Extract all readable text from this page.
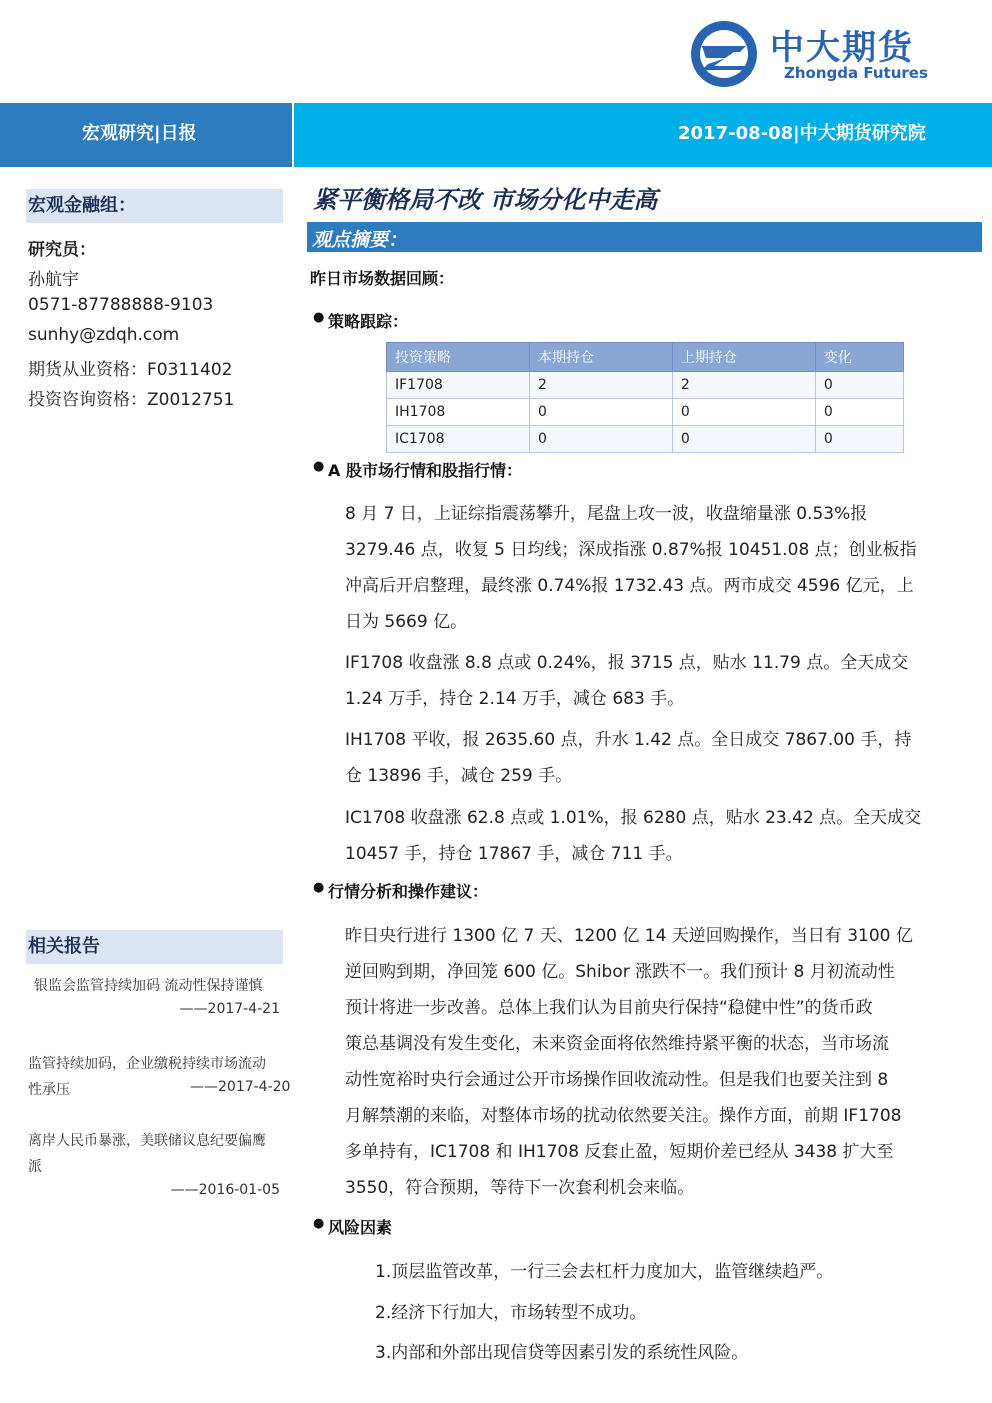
中大期货
Zhongda Futures
宏观研究|日报	2017-08-08|中大期货研究院
宏观金融组：
研究员：
孙航宇
0571-87788888-9103
sunhy@zdqh.com
期货从业资格：F0311402
投资咨询资格：Z0012751
相关报告
银监会监管持续加码 流动性保持谨慎
——2017-4-21
监管持续加码，企业缴税持续市场流动
性承压	——2017-4-20
离岸人民币暴涨，美联储议息纪要偏鹰
派
——2016-01-05
紧平衡格局不改 市场分化中走高
观点摘要：
昨日市场数据回顾：
● 策略跟踪：
投资策略	本期持仓	上期持仓	变化
IF1708	2	2	0
IH1708	0	0	0
IC1708	0	0	0
● A 股市场行情和股指行情：
8 月 7 日，上证综指震荡攀升，尾盘上攻一波，收盘缩量涨 0.53%报
3279.46 点，收复 5 日均线；深成指涨 0.87%报 10451.08 点；创业板指
冲高后开启整理，最终涨 0.74%报 1732.43 点。两市成交 4596 亿元，上
日为 5669 亿。
IF1708 收盘涨 8.8 点或 0.24%，报 3715 点，贴水 11.79 点。全天成交
1.24 万手，持仓 2.14 万手，减仓 683 手。
IH1708 平收，报 2635.60 点，升水 1.42 点。全日成交 7867.00 手，持
仓 13896 手，减仓 259 手。
IC1708 收盘涨 62.8 点或 1.01%，报 6280 点，贴水 23.42 点。全天成交
10457 手，持仓 17867 手，减仓 711 手。
● 行情分析和操作建议：
昨日央行进行 1300 亿 7 天、1200 亿 14 天逆回购操作，当日有 3100 亿
逆回购到期，净回笼 600 亿。Shibor 涨跌不一。我们预计 8 月初流动性
预计将进一步改善。总体上我们认为目前央行保持“稳健中性”的货币政
策总基调没有发生变化，未来资金面将依然维持紧平衡的状态，当市场流
动性宽裕时央行会通过公开市场操作回收流动性。但是我们也要关注到 8
月解禁潮的来临，对整体市场的扰动依然要关注。操作方面，前期 IF1708
多单持有，IC1708 和 IH1708 反套止盈，短期价差已经从 3438 扩大至
3550，符合预期，等待下一次套利机会来临。
● 风险因素
1.顶层监管改革，一行三会去杠杆力度加大，监管继续趋严。
2.经济下行加大，市场转型不成功。
3.内部和外部出现信贷等因素引发的系统性风险。
